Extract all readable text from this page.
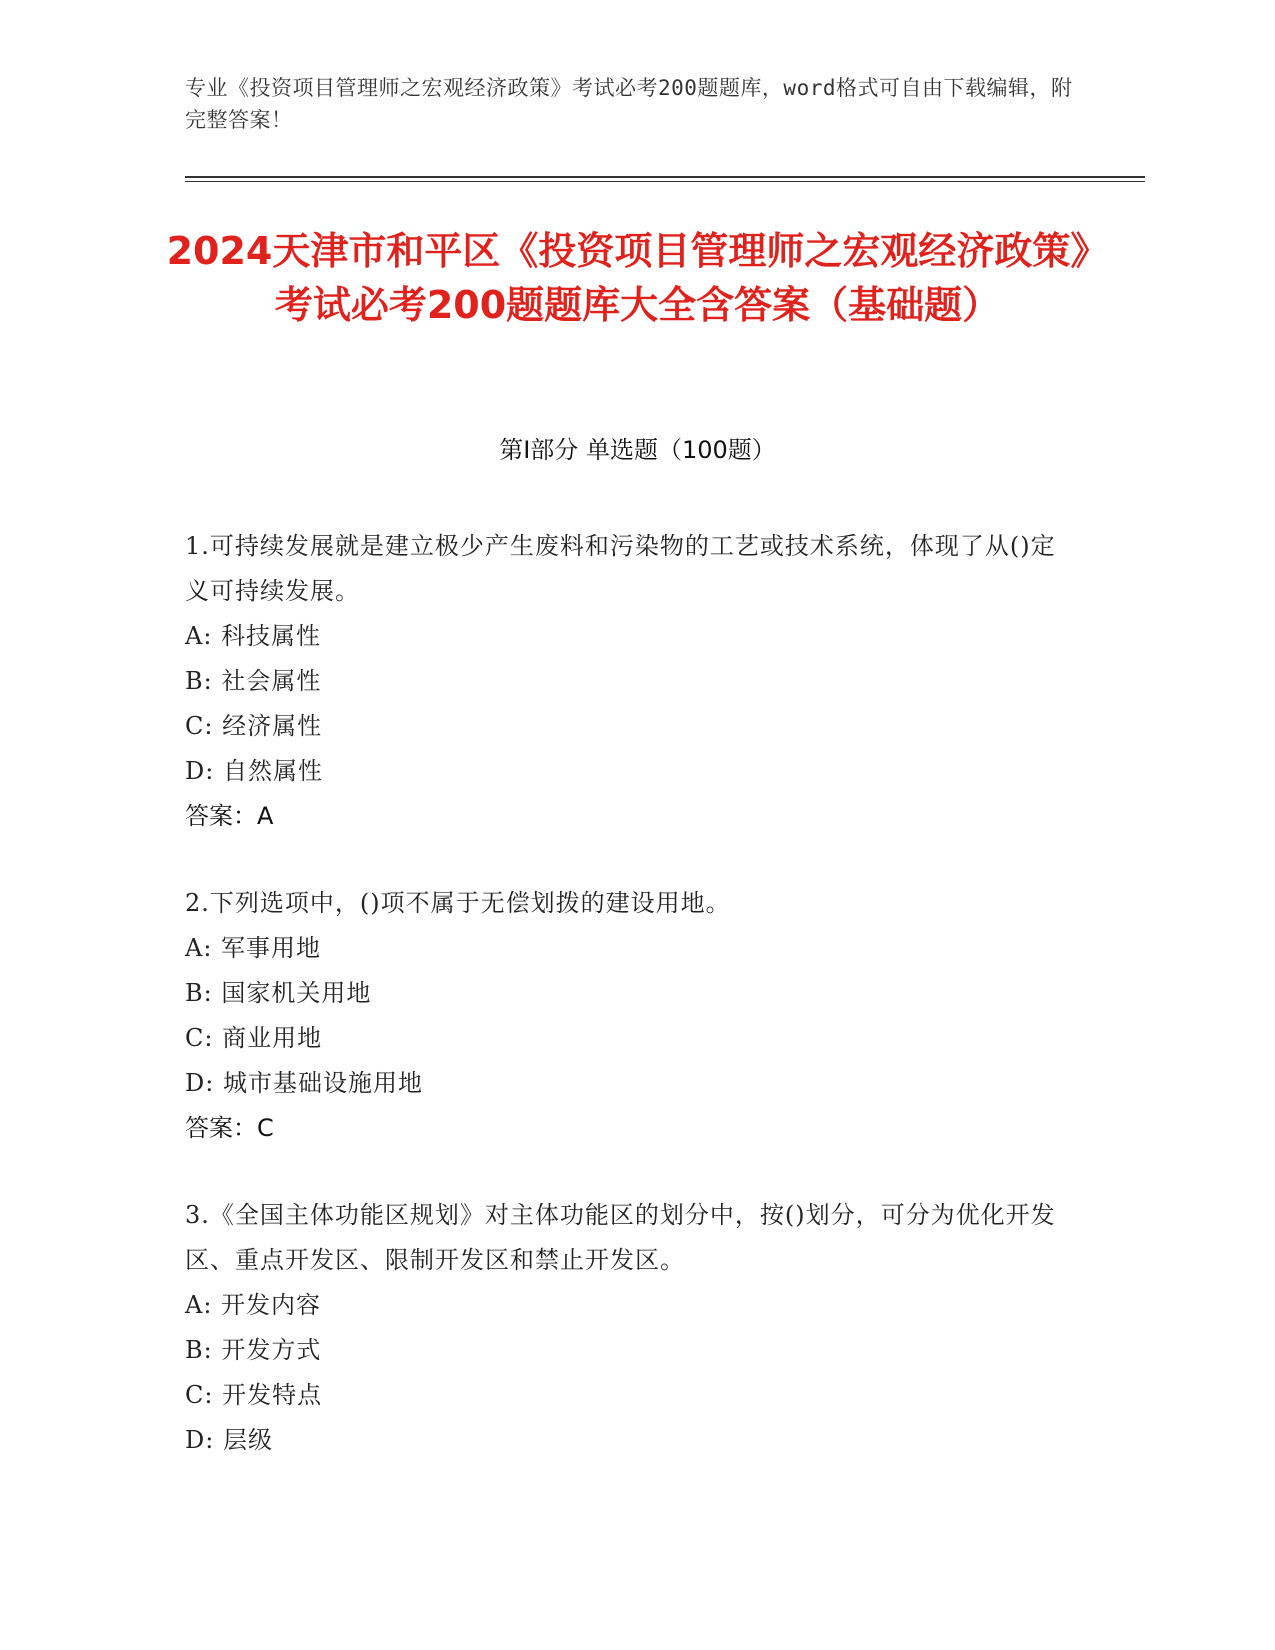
专业《投资项目管理师之宏观经济政策》考试必考200题题库，word格式可自由下载编辑，附完整答案！
2024天津市和平区《投资项目管理师之宏观经济政策》考试必考200题题库大全含答案（基础题）
第I部分 单选题（100题）

1.可持续发展就是建立极少产生废料和污染物的工艺或技术系统，体现了从()定义可持续发展。

A: 科技属性

B: 社会属性

C: 经济属性

D: 自然属性

答案：A

2.下列选项中，()项不属于无偿划拨的建设用地。

A: 军事用地

B: 国家机关用地

C: 商业用地

D: 城市基础设施用地

答案：C

3.《全国主体功能区规划》对主体功能区的划分中，按()划分，可分为优化开发区、重点开发区、限制开发区和禁止开发区。

A: 开发内容

B: 开发方式

C: 开发特点

D: 层级
